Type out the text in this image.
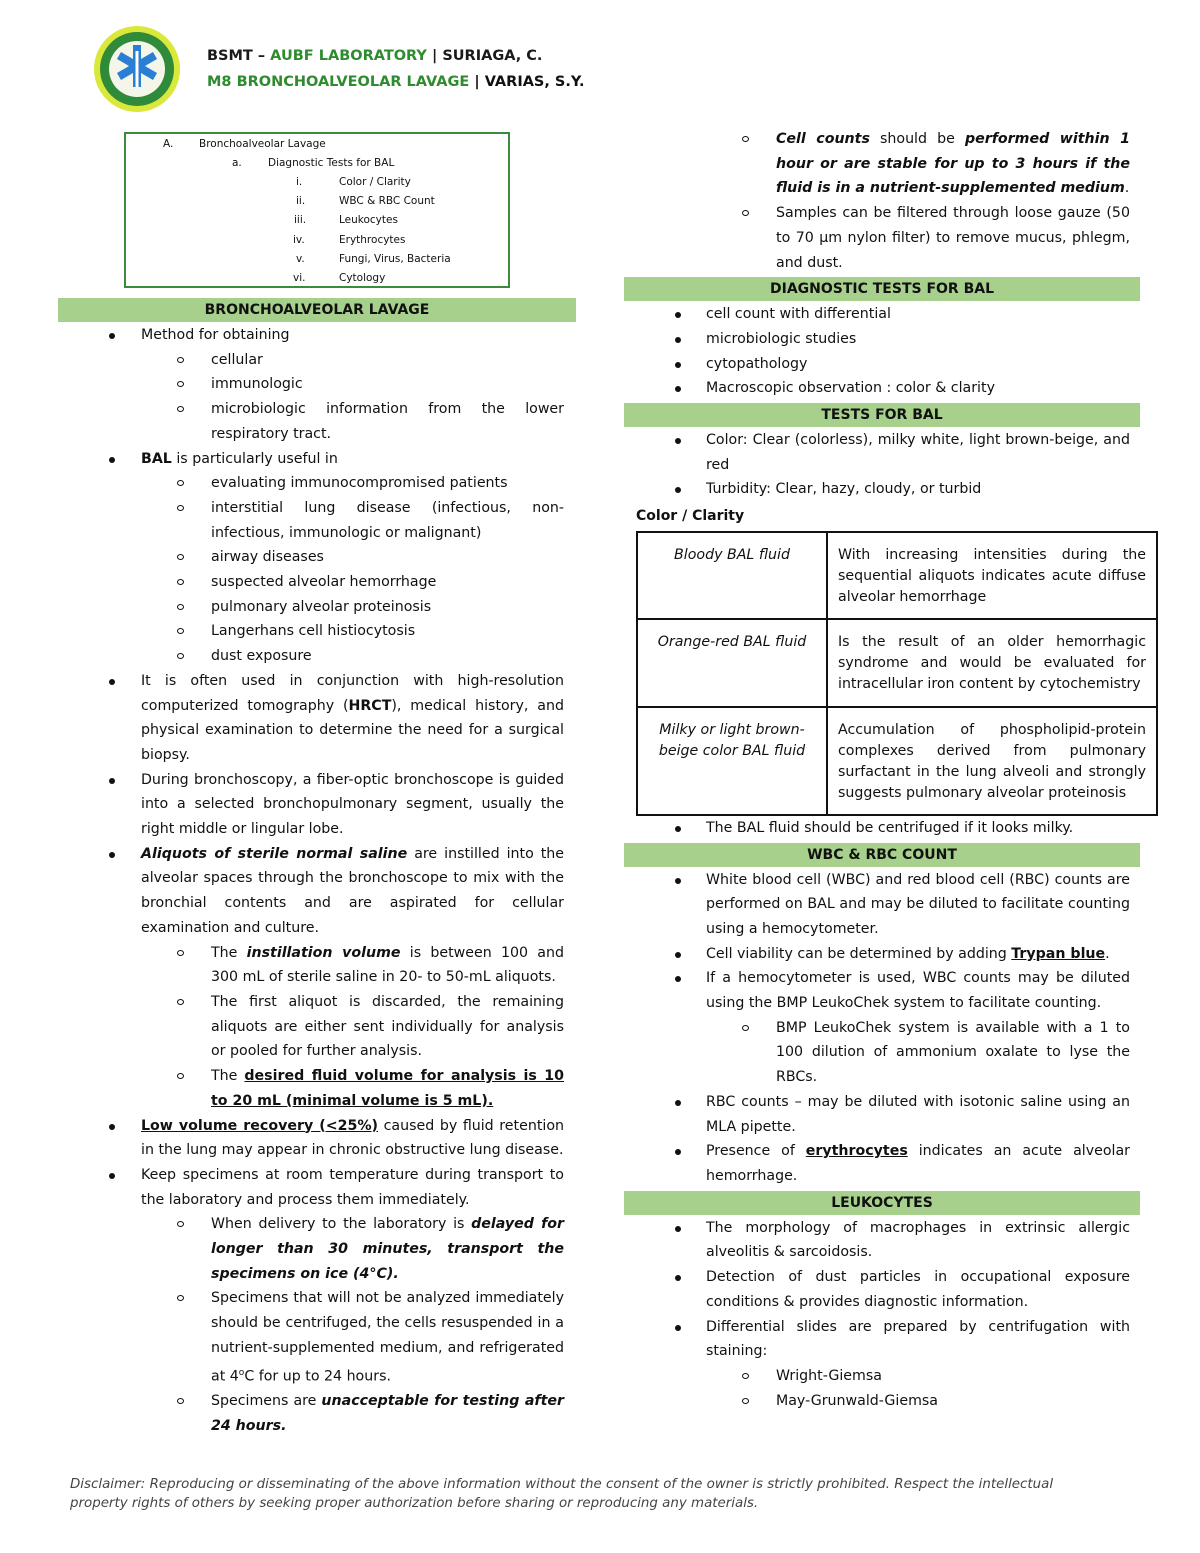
BSMT – AUBF LABORATORY | SURIAGA, C.
M8 BRONCHOALVEOLAR LAVAGE | VARIAS, S.Y.
A. Bronchoalveolar Lavage
a. Diagnostic Tests for BAL
i.	Color / Clarity
ii.	WBC & RBC Count
iii.	Leukocytes
iv.	Erythrocytes
v.	Fungi, Virus, Bacteria
vi.	Cytology
BRONCHOALVEOLAR LAVAGE
Method for obtaining
cellular
immunologic
microbiologic information from the lower respiratory tract.
BAL is particularly useful in
evaluating immunocompromised patients
interstitial lung disease (infectious, non-infectious, immunologic or malignant)
airway diseases
suspected alveolar hemorrhage
pulmonary alveolar proteinosis
Langerhans cell histiocytosis
dust exposure
It is often used in conjunction with high-resolution computerized tomography (HRCT), medical history, and physical examination to determine the need for a surgical biopsy.
During bronchoscopy, a fiber-optic bronchoscope is guided into a selected bronchopulmonary segment, usually the right middle or lingular lobe.
Aliquots of sterile normal saline are instilled into the alveolar spaces through the bronchoscope to mix with the bronchial contents and are aspirated for cellular examination and culture.
The instillation volume is between 100 and 300 mL of sterile saline in 20- to 50-mL aliquots.
The first aliquot is discarded, the remaining aliquots are either sent individually for analysis or pooled for further analysis.
The desired fluid volume for analysis is 10 to 20 mL (minimal volume is 5 mL).
Low volume recovery (<25%) caused by fluid retention in the lung may appear in chronic obstructive lung disease.
Keep specimens at room temperature during transport to the laboratory and process them immediately.
When delivery to the laboratory is delayed for longer than 30 minutes, transport the specimens on ice (4°C).
Specimens that will not be analyzed immediately should be centrifuged, the cells resuspended in a nutrient-supplemented medium, and refrigerated at 4$^o$C for up to 24 hours.
Specimens are unacceptable for testing after 24 hours.
Cell counts should be performed within 1 hour or are stable for up to 3 hours if the fluid is in a nutrient-supplemented medium.
Samples can be filtered through loose gauze (50 to 70 μm nylon filter) to remove mucus, phlegm, and dust.
DIAGNOSTIC TESTS FOR BAL
cell count with differential
microbiologic studies
cytopathology
Macroscopic observation : color & clarity
TESTS FOR BAL
Color: Clear (colorless), milky white, light brown-beige, and red
Turbidity: Clear, hazy, cloudy, or turbid
Color / Clarity
Bloody BAL fluid	With increasing intensities during the sequential aliquots indicates acute diffuse alveolar hemorrhage
Orange-red BAL fluid	Is the result of an older hemorrhagic syndrome and would be evaluated for intracellular iron content by cytochemistry
Milky or light brown-beige color BAL fluid	Accumulation of phospholipid-protein complexes derived from pulmonary surfactant in the lung alveoli and strongly suggests pulmonary alveolar proteinosis
The BAL fluid should be centrifuged if it looks milky.
WBC & RBC COUNT
White blood cell (WBC) and red blood cell (RBC) counts are performed on BAL and may be diluted to facilitate counting using a hemocytometer.
Cell viability can be determined by adding Trypan blue.
If a hemocytometer is used, WBC counts may be diluted using the BMP LeukoChek system to facilitate counting.
BMP LeukoChek system is available with a 1 to 100 dilution of ammonium oxalate to lyse the RBCs.
RBC counts – may be diluted with isotonic saline using an MLA pipette.
Presence of erythrocytes indicates an acute alveolar hemorrhage.
LEUKOCYTES
The morphology of macrophages in extrinsic allergic alveolitis & sarcoidosis.
Detection of dust particles in occupational exposure conditions & provides diagnostic information.
Differential slides are prepared by centrifugation with staining:
Wright-Giemsa
May-Grunwald-Giemsa
Disclaimer: Reproducing or disseminating of the above information without the consent of the owner is strictly prohibited. Respect the intellectual property rights of others by seeking proper authorization before sharing or reproducing any materials.
